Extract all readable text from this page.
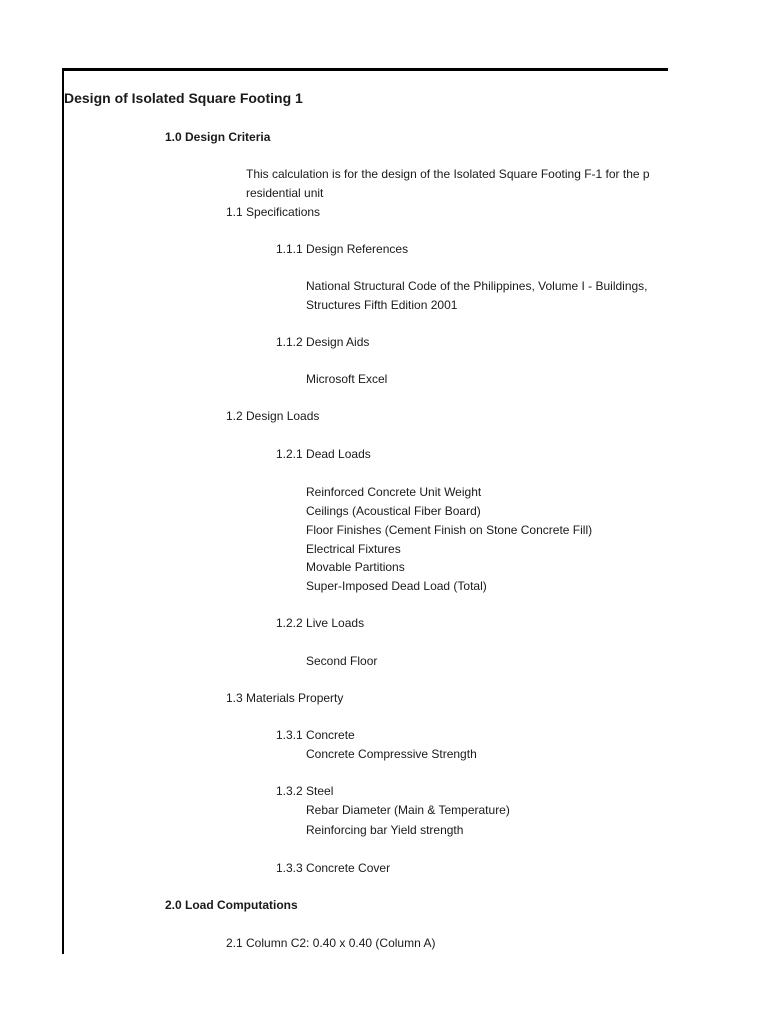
Design of Isolated Square Footing 1
1.0 Design Criteria
This calculation is for the design of the Isolated Square Footing F-1 for the p
residential unit
1.1 Specifications
1.1.1 Design References
National Structural Code of the Philippines, Volume I - Buildings,
Structures Fifth Edition 2001
1.1.2 Design Aids
Microsoft Excel
1.2 Design Loads
1.2.1 Dead Loads
Reinforced Concrete Unit Weight
Ceilings (Acoustical Fiber Board)
Floor Finishes (Cement Finish on Stone Concrete Fill)
Electrical Fixtures
Movable Partitions
Super-Imposed Dead Load (Total)
1.2.2 Live Loads
Second Floor
1.3 Materials Property
1.3.1 Concrete
Concrete Compressive Strength
1.3.2 Steel
Rebar Diameter (Main & Temperature)
Reinforcing bar Yield strength
1.3.3 Concrete Cover
2.0 Load Computations
2.1 Column C2: 0.40 x 0.40 (Column A)
